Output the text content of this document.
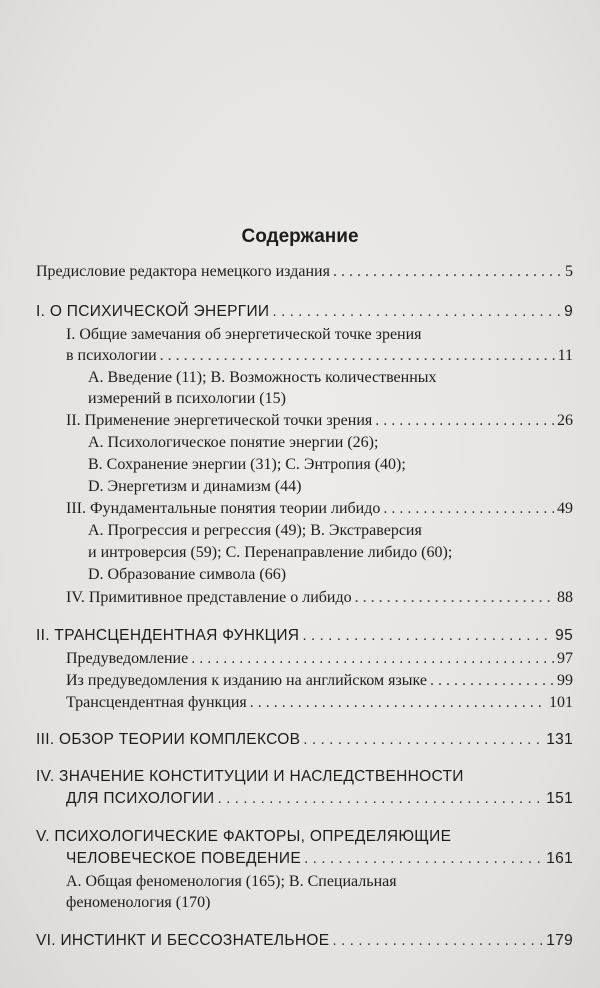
Содержание
Предисловие редактора немецкого издания . . .	5
I. О ПСИХИЧЕСКОЙ ЭНЕРГИИ . . .	9
I. Общие замечания об энергетической точке зрения
в психологии . . .	11
A. Введение (11); B. Возможность количественных
измерений в психологии (15)
II. Применение энергетической точки зрения . . .	26
A. Психологическое понятие энергии (26);
B. Сохранение энергии (31); C. Энтропия (40);
D. Энергетизм и динамизм (44)
III. Фундаментальные понятия теории либидо . . .	49
A. Прогрессия и регрессия (49); B. Экстраверсия
и интроверсия (59); C. Перенаправление либидо (60);
D. Образование символа (66)
IV. Примитивное представление о либидо . . .	88
II. ТРАНСЦЕНДЕНТНАЯ ФУНКЦИЯ . . .	95
Предуведомление . . .	97
Из предуведомления к изданию на английском языке . . .	99
Трансцендентная функция . . .	101
III. ОБЗОР ТЕОРИИ КОМПЛЕКСОВ . . .	131
IV. ЗНАЧЕНИЕ КОНСТИТУЦИИ И НАСЛЕДСТВЕННОСТИ
ДЛЯ ПСИХОЛОГИИ . . .	151
V. ПСИХОЛОГИЧЕСКИЕ ФАКТОРЫ, ОПРЕДЕЛЯЮЩИЕ
ЧЕЛОВЕЧЕСКОЕ ПОВЕДЕНИЕ . . .	161
A. Общая феноменология (165); B. Специальная
феноменология (170)
VI. ИНСТИНКТ И БЕССОЗНАТЕЛЬНОЕ . . .	179
